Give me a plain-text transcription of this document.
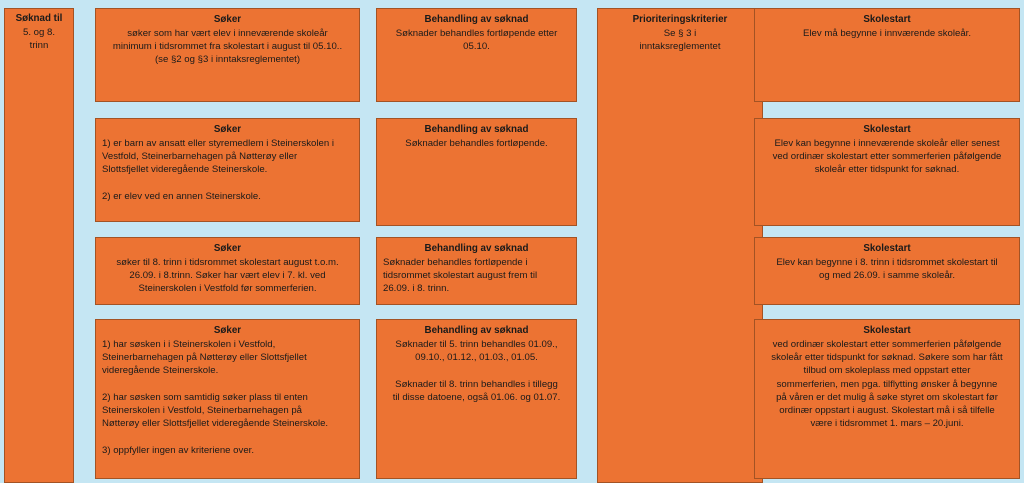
Søknad til
5. og 8.
trinn
Søker
søker som har vært elev i inneværende skoleår
minimum i tidsrommet fra skolestart i august til 05.10..
(se §2 og §3 i inntaksreglementet)
Søker
1) er barn av ansatt eller styremedlem i Steinerskolen i
Vestfold, Steinerbarnehagen på Nøtterøy eller
Slottsfjellet videregående Steinerskole.
2) er elev ved en annen Steinerskole.
Søker
søker til 8. trinn i tidsrommet skolestart august t.o.m.
26.09. i 8.trinn. Søker har vært elev i 7. kl. ved
Steinerskolen i Vestfold før sommerferien.
Søker
1) har søsken i i Steinerskolen i Vestfold,
Steinerbarnehagen på Nøtterøy eller Slottsfjellet
videregående Steinerskole.
2) har søsken som samtidig søker plass til enten
Steinerskolen i Vestfold, Steinerbarnehagen på
Nøtterøy eller Slottsfjellet videregående Steinerskole.
3) oppfyller ingen av kriteriene over.
Behandling av søknad
Søknader behandles fortløpende etter
05.10.
Behandling av søknad
Søknader behandles fortløpende.
Behandling av søknad
Søknader behandles fortløpende i
tidsrommet skolestart august frem til
26.09. i 8. trinn.
Behandling av søknad
Søknader til 5. trinn behandles 01.09.,
09.10., 01.12., 01.03., 01.05.
Søknader til 8. trinn behandles i tillegg
til disse datoene, også 01.06. og 01.07.
Prioriteringskriterier
Se § 3 i
inntaksreglementet
Skolestart
Elev må begynne i innværende skoleår.
Skolestart
Elev kan begynne i inneværende skoleår eller senest
ved ordinær skolestart etter sommerferien påfølgende
skoleår etter tidspunkt for søknad.
Skolestart
Elev kan begynne i 8. trinn i tidsrommet skolestart til
og med 26.09. i samme skoleår.
Skolestart
ved ordinær skolestart etter sommerferien påfølgende
skoleår etter tidspunkt for søknad. Søkere som har fått
tilbud om skoleplass med oppstart etter
sommerferien, men pga. tilflytting ønsker å begynne
på våren er det mulig å søke styret om skolestart før
ordinær oppstart i august. Skolestart må i så tilfelle
være i tidsrommet 1. mars – 20.juni.
